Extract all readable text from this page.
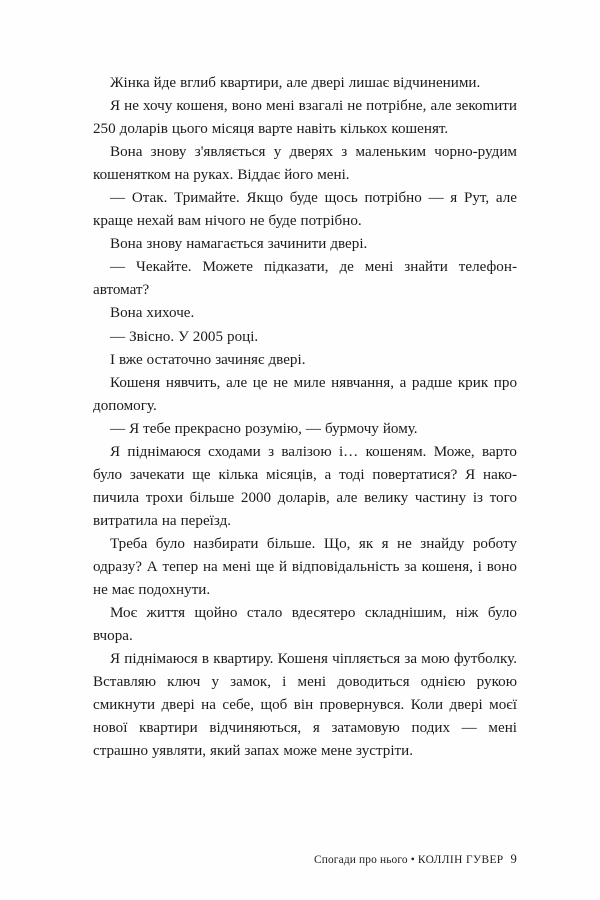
Жінка йде вглиб квартири, але двері лишає відчиненими.

Я не хочу кошеня, воно мені взагалі не потрібне, але зекоmити 250 доларів цього місяця варте навіть кількох кошенят.

Вона знову з'являється у дверях з маленьким чорно-рудим кошенятком на руках. Віддає його мені.

— Отак. Тримайте. Якщо буде щось потрібно — я Рут, але краще нехай вам нічого не буде потрібно.

Вона знову намагається зачинити двері.

— Чекайте. Можете підказати, де мені знайти телефон-автомат?

Вона хихоче.

— Звісно. У 2005 році.

І вже остаточно зачиняє двері.

Кошеня нявчить, але це не миле нявчання, а радше крик про допомогу.

— Я тебе прекрасно розумію, — бурмочу йому.

Я піднімаюся сходами з валізою і… кошеням. Може, варто було зачекати ще кілька місяців, а тоді повертатися? Я накопичила трохи більше 2000 доларів, але велику частину із того витратила на переїзд.

Треба було назбирати більше. Що, як я не знайду роботу одразу? А тепер на мені ще й відповідальність за кошеня, і воно не має подохнути.

Моє життя щойно стало вдесятеро складнішим, ніж було вчора.

Я піднімаюся в квартиру. Кошеня чіпляється за мою футболку. Вставляю ключ у замок, і мені доводиться однією рукою смикнути двері на себе, щоб він провернувся. Коли двері моєї нової квартири відчиняються, я затамовую подих — мені страшно уявляти, який запах може мене зустріти.

Спогади про нього • КОЛЛІН ГУВЕР 9
